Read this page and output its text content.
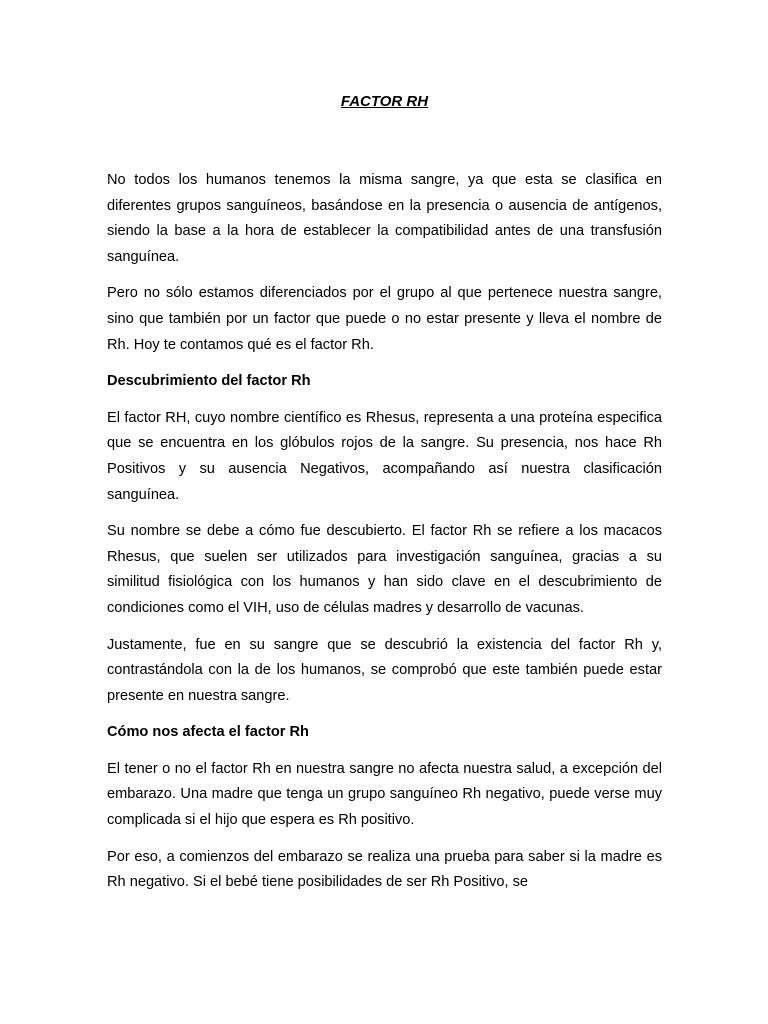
FACTOR RH

No todos los humanos tenemos la misma sangre, ya que esta se clasifica en diferentes grupos sanguíneos, basándose en la presencia o ausencia de antígenos, siendo la base a la hora de establecer la compatibilidad antes de una transfusión sanguínea.

Pero no sólo estamos diferenciados por el grupo al que pertenece nuestra sangre, sino que también por un factor que puede o no estar presente y lleva el nombre de Rh. Hoy te contamos qué es el factor Rh.

Descubrimiento del factor Rh

El factor RH, cuyo nombre científico es Rhesus, representa a una proteína especifica que se encuentra en los glóbulos rojos de la sangre. Su presencia, nos hace Rh Positivos y su ausencia Negativos, acompañando así nuestra clasificación sanguínea.

Su nombre se debe a cómo fue descubierto. El factor Rh se refiere a los macacos Rhesus, que suelen ser utilizados para investigación sanguínea, gracias a su similitud fisiológica con los humanos y han sido clave en el descubrimiento de condiciones como el VIH, uso de células madres y desarrollo de vacunas.

Justamente, fue en su sangre que se descubrió la existencia del factor Rh y, contrastándola con la de los humanos, se comprobó que este también puede estar presente en nuestra sangre.

Cómo nos afecta el factor Rh

El tener o no el factor Rh en nuestra sangre no afecta nuestra salud, a excepción del embarazo. Una madre que tenga un grupo sanguíneo Rh negativo, puede verse muy complicada si el hijo que espera es Rh positivo.

Por eso, a comienzos del embarazo se realiza una prueba para saber si la madre es Rh negativo. Si el bebé tiene posibilidades de ser Rh Positivo, se
